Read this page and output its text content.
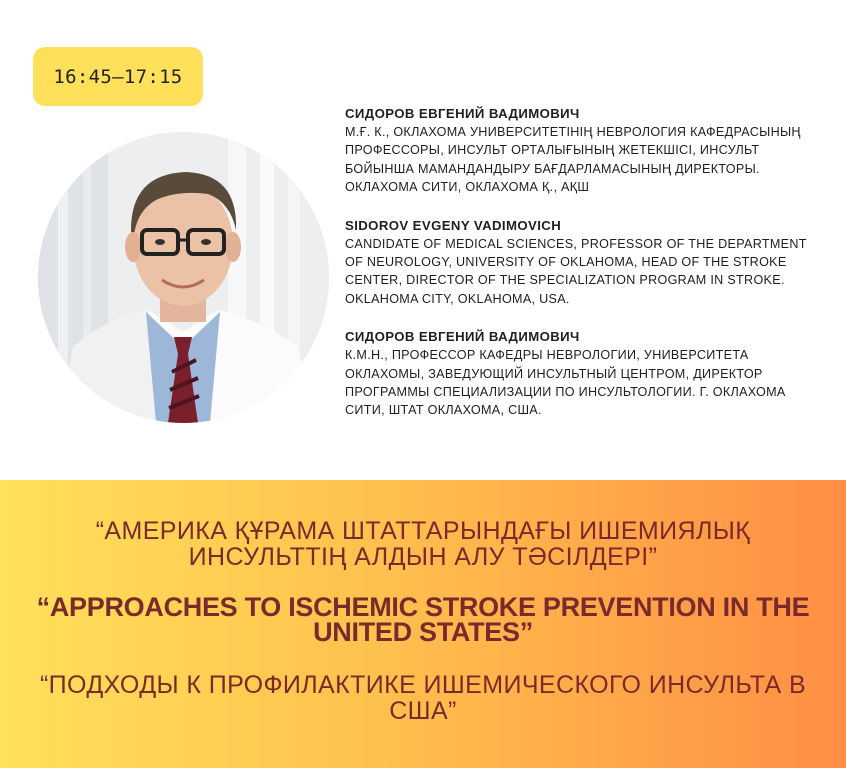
16:45–17:15
СИДОРОВ ЕВГЕНИЙ ВАДИМОВИЧ
М.Ғ. К., ОКЛАХОМА УНИВЕРСИТЕТІНІҢ НЕВРОЛОГИЯ КАФЕДРАСЫНЫҢ ПРОФЕССОРЫ, ИНСУЛЬТ ОРТАЛЫҒЫНЫҢ ЖЕТЕКШІСІ, ИНСУЛЬТ БОЙЫНША МАМАНДАНДЫРУ БАҒДАРЛАМАСЫНЫҢ ДИРЕКТОРЫ. ОКЛАХОМА СИТИ, ОКЛАХОМА Қ., АҚШ
SIDOROV EVGENY VADIMOVICH
CANDIDATE OF MEDICAL SCIENCES, PROFESSOR OF THE DEPARTMENT OF NEUROLOGY, UNIVERSITY OF OKLAHOMA, HEAD OF THE STROKE CENTER, DIRECTOR OF THE SPECIALIZATION PROGRAM IN STROKE. OKLAHOMA CITY, OKLAHOMA, USA.
СИДОРОВ ЕВГЕНИЙ ВАДИМОВИЧ
К.М.Н., ПРОФЕССОР КАФЕДРЫ НЕВРОЛОГИИ, УНИВЕРСИТЕТА ОКЛАХОМЫ, ЗАВЕДУЮЩИЙ ИНСУЛЬТНЫЙ ЦЕНТРОМ, ДИРЕКТОР ПРОГРАММЫ СПЕЦИАЛИЗАЦИИ ПО ИНСУЛЬТОЛОГИИ. Г. ОКЛАХОМА СИТИ, ШТАТ ОКЛАХОМА, США.
“АМЕРИКА ҚҰРАМА ШТАТТАРЫНДАҒЫ ИШЕМИЯЛЫҚ ИНСУЛЬТТІҢ АЛДЫН АЛУ ТӘСІЛДЕРІ”
“APPROACHES TO ISCHEMIC STROKE PREVENTION IN THE UNITED STATES”
“ПОДХОДЫ К ПРОФИЛАКТИКЕ ИШЕМИЧЕСКОГО ИНСУЛЬТА В США”
